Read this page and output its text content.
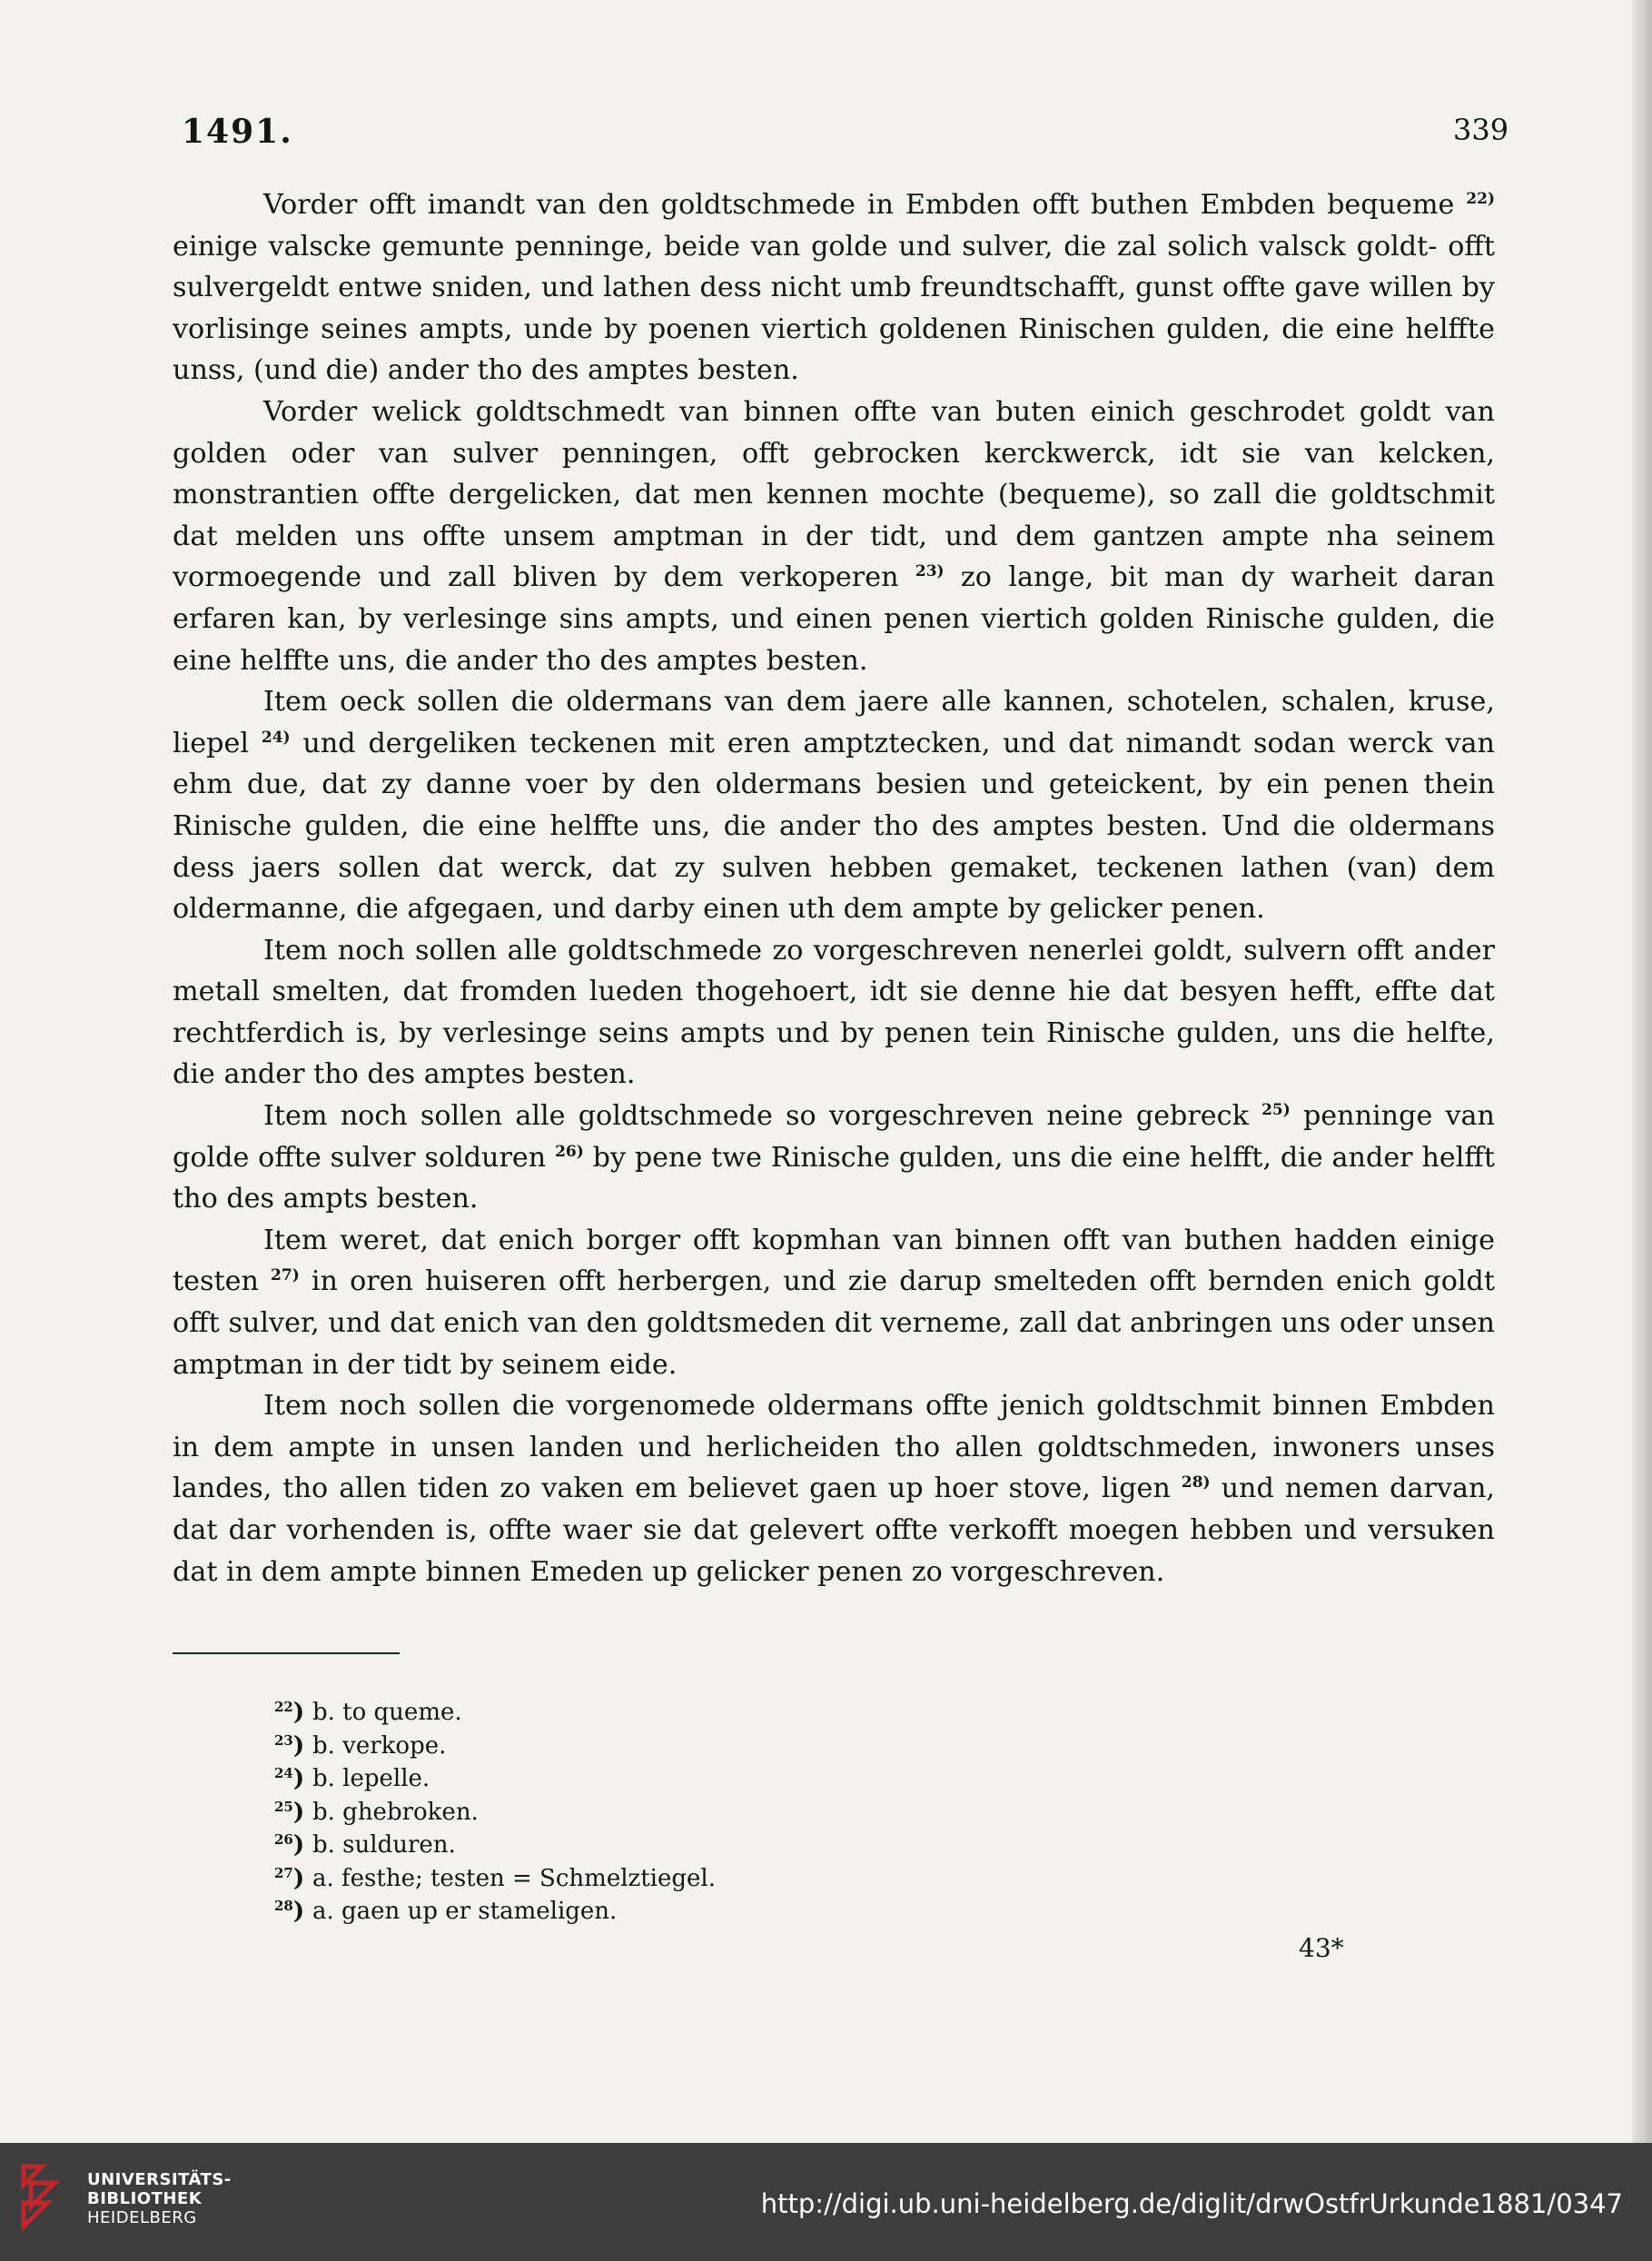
1491.	339

Vorder offt imandt van den goldtschmede in Embden offt buthen Embden bequeme $^{22)}$ einige valscke gemunte penninge, beide van golde und sulver, die zal solich valsck goldt- offt sulvergeldt entwe sniden, und lathen dess nicht umb freundtschafft, gunst offte gave willen by vorlisinge seines ampts, unde by poenen viertich goldenen Rinischen gulden, die eine helffte unss, (und die) ander tho des amptes besten.

Vorder welick goldtschmedt van binnen offte van buten einich geschrodet goldt van golden oder van sulver penningen, offt gebrocken kerckwerck, idt sie van kelcken, monstrantien offte dergelicken, dat men kennen mochte (bequeme), so zall die goldtschmit dat melden uns offte unsem amptman in der tidt, und dem gantzen ampte nha seinem vormoegende und zall bliven by dem verkoperen $^{23)}$ zo lange, bit man dy warheit daran erfaren kan, by verlesinge sins ampts, und einen penen viertich golden Rinische gulden, die eine helffte uns, die ander tho des amptes besten.

Item oeck sollen die oldermans van dem jaere alle kannen, schotelen, schalen, kruse, liepel $^{24)}$ und dergeliken teckenen mit eren amptztecken, und dat nimandt sodan werck van ehm due, dat zy danne voer by den oldermans besien und geteickent, by ein penen thein Rinische gulden, die eine helffte uns, die ander tho des amptes besten. Und die oldermans dess jaers sollen dat werck, dat zy sulven hebben gemaket, teckenen lathen (van) dem oldermanne, die afgegaen, und darby einen uth dem ampte by gelicker penen.

Item noch sollen alle goldtschmede zo vorgeschreven nenerlei goldt, sulvern offt ander metall smelten, dat fromden lueden thogehoert, idt sie denne hie dat besyen hefft, effte dat rechtferdich is, by verlesinge seins ampts und by penen tein Rinische gulden, uns die helfte, die ander tho des amptes besten.

Item noch sollen alle goldtschmede so vorgeschreven neine gebreck $^{25)}$ penninge van golde offte sulver solduren $^{26)}$ by pene twe Rinische gulden, uns die eine helfft, die ander helfft tho des ampts besten.

Item weret, dat enich borger offt kopmhan van binnen offt van buthen hadden einige testen $^{27)}$ in oren huiseren offt herbergen, und zie darup smelteden offt bernden enich goldt offt sulver, und dat enich van den goldtsmeden dit verneme, zall dat anbringen uns oder unsen amptman in der tidt by seinem eide.

Item noch sollen die vorgenomede oldermans offte jenich goldtschmit binnen Embden in dem ampte in unsen landen und herlicheiden tho allen goldtschmeden, inwoners unses landes, tho allen tiden zo vaken em believet gaen up hoer stove, ligen $^{28)}$ und nemen darvan, dat dar vorhenden is, offte waer sie dat gelevert offte verkofft moegen hebben und versuken dat in dem ampte binnen Emeden up gelicker penen zo vorgeschreven.

$^{22}$) b. to queme.
$^{23}$) b. verkope.
$^{24}$) b. lepelle.
$^{25}$) b. ghebroken.
$^{26}$) b. sulduren.
$^{27}$) a. festhe; testen = Schmelztiegel.
$^{28}$) a. gaen up er stameligen.
43*
UNIVERSITÄTS-
BIBLIOTHEK
HEIDELBERG	http://digi.ub.uni-heidelberg.de/diglit/drwOstfrUrkunde1881/0347
